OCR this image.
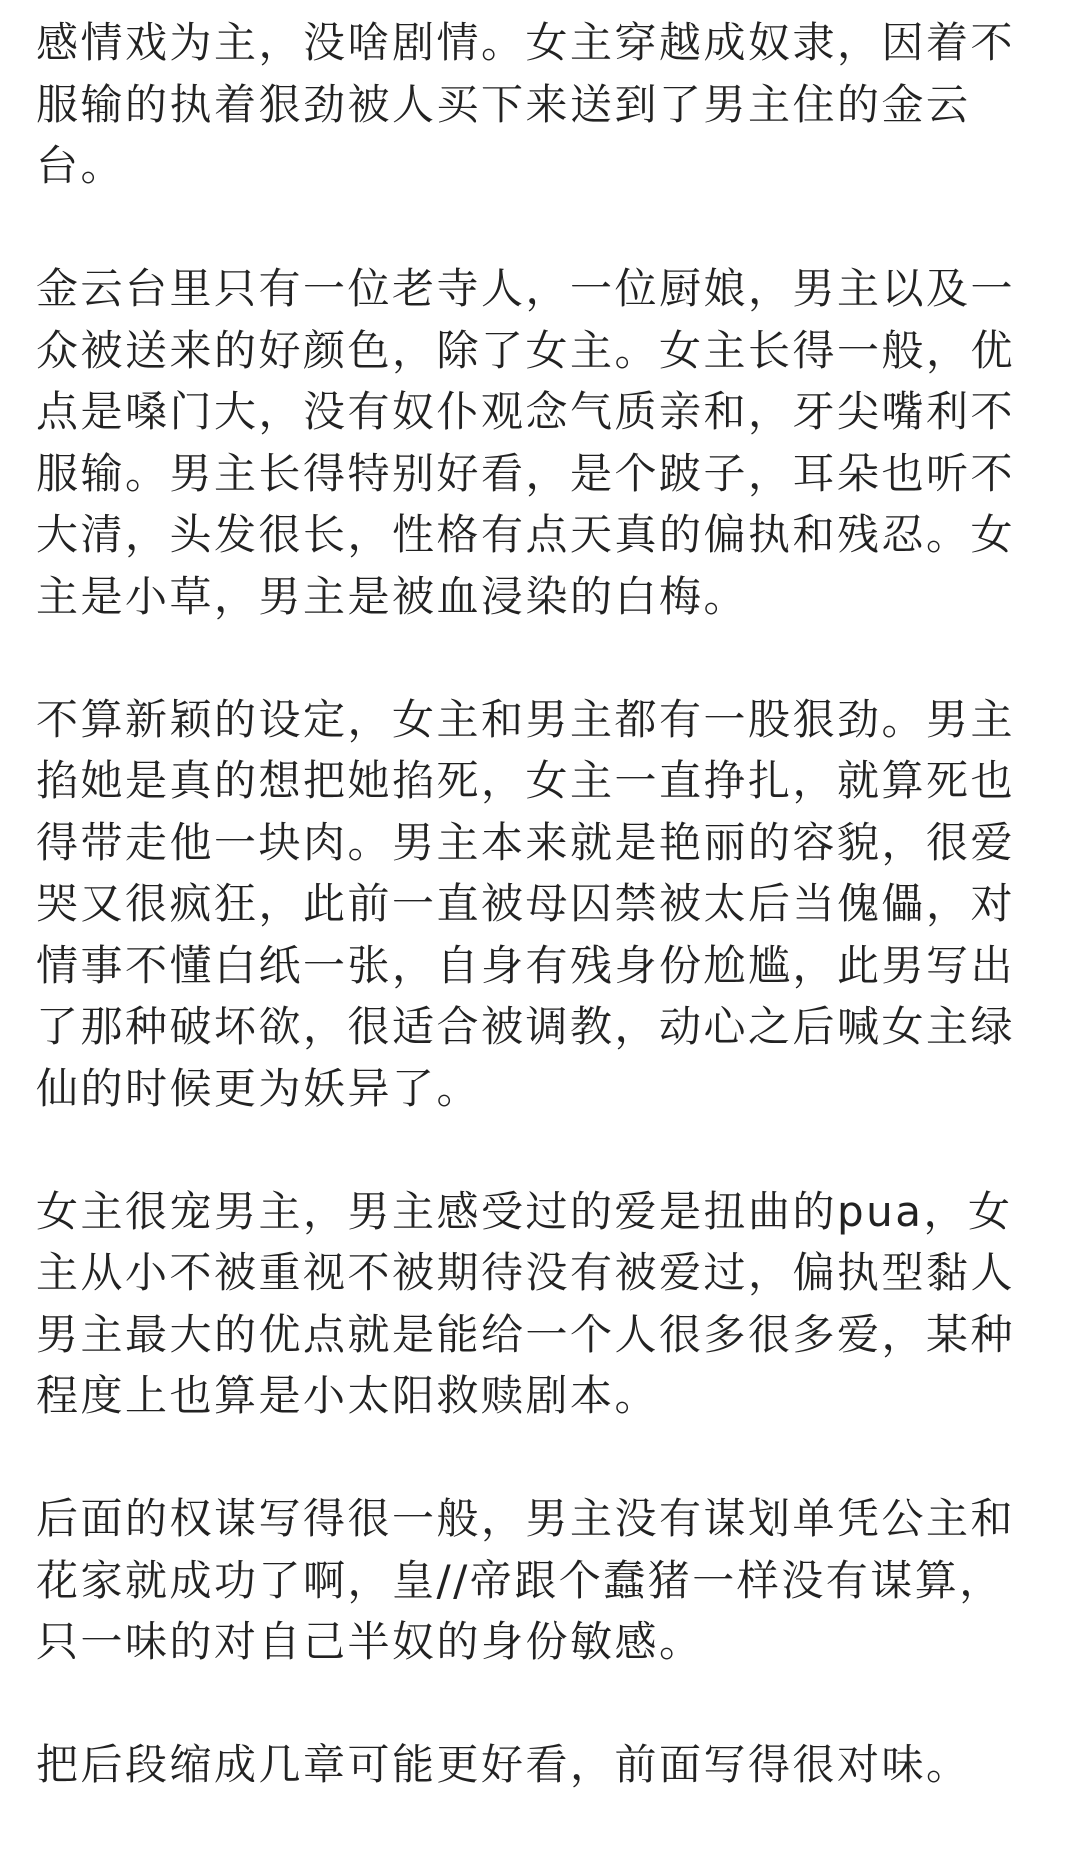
感情戏为主，没啥剧情。女主穿越成奴隶，因着不服输的执着狠劲被人买下来送到了男主住的金云台。

金云台里只有一位老寺人，一位厨娘，男主以及一众被送来的好颜色，除了女主。女主长得一般，优点是嗓门大，没有奴仆观念气质亲和，牙尖嘴利不服输。男主长得特别好看，是个跛子，耳朵也听不大清，头发很长，性格有点天真的偏执和残忍。女主是小草，男主是被血浸染的白梅。

不算新颖的设定，女主和男主都有一股狠劲。男主掐她是真的想把她掐死，女主一直挣扎，就算死也得带走他一块肉。男主本来就是艳丽的容貌，很爱哭又很疯狂，此前一直被母囚禁被太后当傀儡，对情事不懂白纸一张，自身有残身份尬尴，此男写出了那种破坏欲，很适合被调教，动心之后喊女主绿仙的时候更为妖异了。

女主很宠男主，男主感受过的爱是扭曲的pua，女主从小不被重视不被期待没有被爱过，偏执型黏人男主最大的优点就是能给一个人很多很多爱，某种程度上也算是小太阳救赎剧本。

后面的权谋写得很一般，男主没有谋划单凭公主和花家就成功了啊，皇//帝跟个蠢猪一样没有谋算，只一味的对自己半奴的身份敏感。

把后段缩成几章可能更好看，前面写得很对味。
